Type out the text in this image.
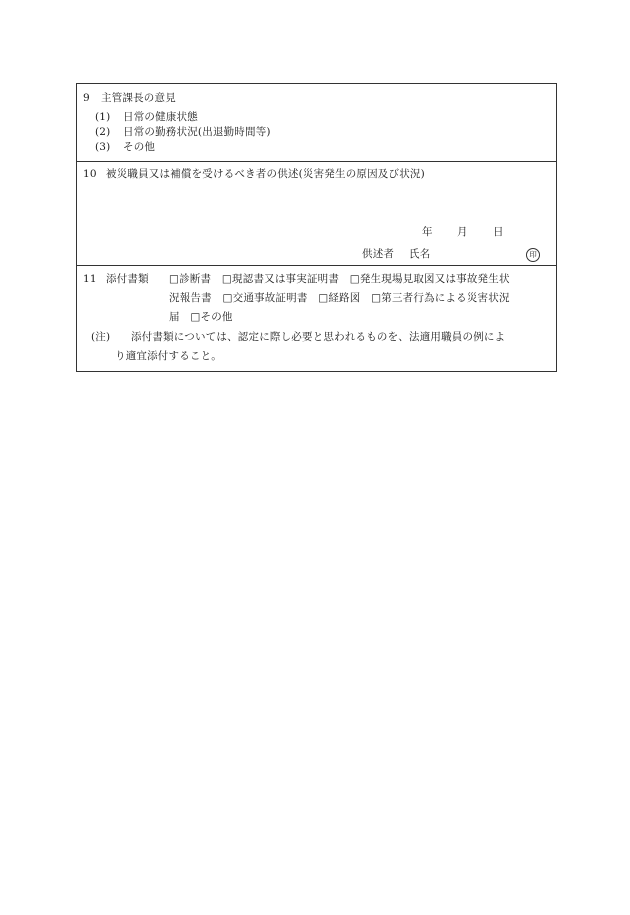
9 主管課長の意見
(1) 日常の健康状態
(2) 日常の勤務状況(出退勤時間等)
(3) その他
10 被災職員又は補償を受けるべき者の供述(災害発生の原因及び状況)
年 月 日
供述者 氏名	印
11 添付書類 □診断書　□現認書又は事実証明書　□発生現場見取図又は事故発生状
況報告書　□交通事故証明書　□経路図　□第三者行為による災害状況
届　□その他
(注) 添付書類については、認定に際し必要と思われるものを、法適用職員の例によ
り適宜添付すること。
